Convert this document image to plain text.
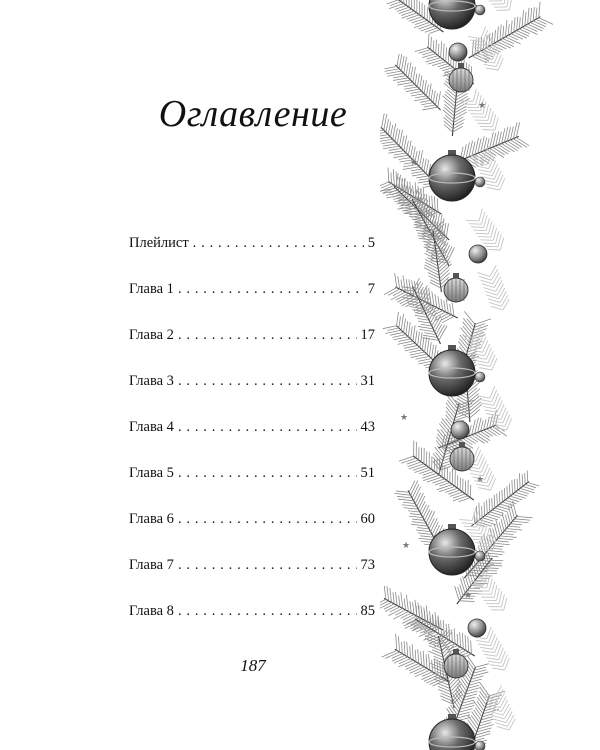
Оглавление
Плейлист . . .	5
Глава 1 . . .	7
Глава 2 . . .	17
Глава 3 . . .	31
Глава 4 . . .	43
Глава 5 . . .	51
Глава 6 . . .	60
Глава 7 . . .	73
Глава 8 . . .	85
187
★
★
★
★
★
★
